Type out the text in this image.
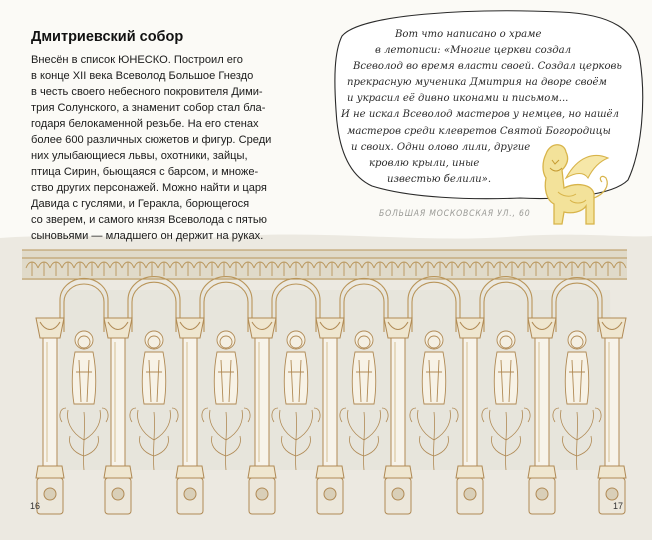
Дмитриевский собор
Внесён в список ЮНЕСКО. Построил его
в конце XII века Всеволод Большое Гнездо
в честь своего небесного покровителя Дими-
трия Солунского, а знаменит собор стал бла-
годаря белокаменной резьбе. На его стенах
более 600 различных сюжетов и фигур. Среди
них улыбающиеся львы, охотники, зайцы,
птица Сирин, бьющаяся с барсом, и множе-
ство других персонажей. Можно найти и царя
Давида с гуслями, и Геракла, борющегося
со зверем, и самого князя Всеволода с пятью
сыновьями — младшего он держит на руках.
Вот что написано о храме
в летописи: «Многие церкви создал
Всеволод во время власти своей. Создал церковь
прекрасную мученика Дмитрия на дворе своём
и украсил её дивно иконами и письмом...
И не искал Всеволод мастеров у немцев, но нашёл
мастеров среди клевретов Святой Богородицы
и своих. Одни олово лили, другие
кровлю крыли, иные
известью белили».
БОЛЬШАЯ МОСКОВСКАЯ УЛ., 60
16	17
